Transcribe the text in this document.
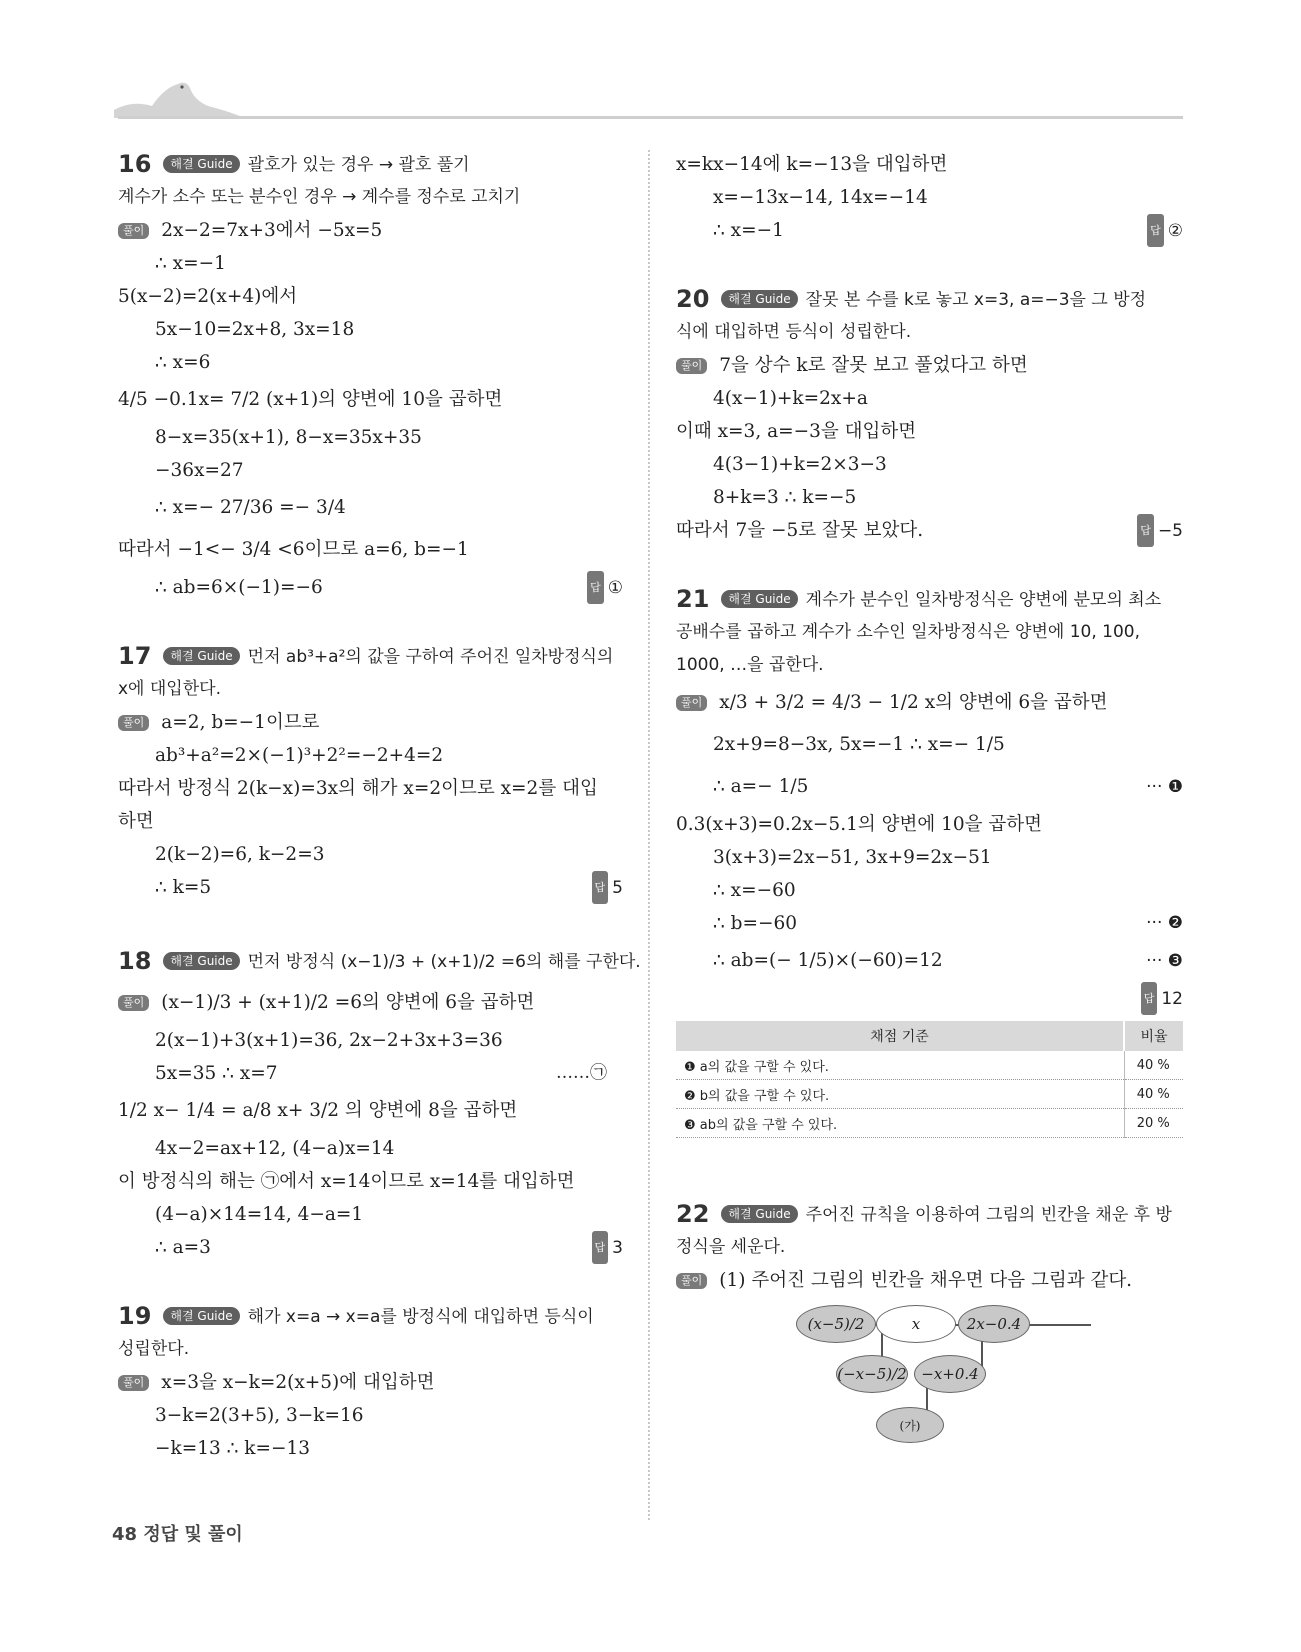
16 해결 Guide 괄호가 있는 경우 → 괄호 풀기
계수가 소수 또는 분수인 경우 → 계수를 정수로 고치기
풀이 2x−2=7x+3에서 −5x=5
∴ x=−1
5(x−2)=2(x+4)에서
5x−10=2x+8, 3x=18
∴ x=6
4/5 −0.1x= 7/2 (x+1)의 양변에 10을 곱하면
8−x=35(x+1), 8−x=35x+35
−36x=27
∴ x=− 27/36 =− 3/4
따라서 −1<− 3/4 <6이므로 a=6, b=−1
∴ ab=6×(−1)=−6	답 ①
17 해결 Guide 먼저 ab³+a²의 값을 구하여 주어진 일차방정식의
x에 대입한다.
풀이 a=2, b=−1이므로
ab³+a²=2×(−1)³+2²=−2+4=2
따라서 방정식 2(k−x)=3x의 해가 x=2이므로 x=2를 대입
하면
2(k−2)=6, k−2=3
∴ k=5	답 5
18 해결 Guide 먼저 방정식 (x−1)/3 + (x+1)/2 =6의 해를 구한다.
풀이 (x−1)/3 + (x+1)/2 =6의 양변에 6을 곱하면
2(x−1)+3(x+1)=36, 2x−2+3x+3=36
5x=35 ∴ x=7	……㉠
1/2 x− 1/4 = a/8 x+ 3/2 의 양변에 8을 곱하면
4x−2=ax+12, (4−a)x=14
이 방정식의 해는 ㉠에서 x=14이므로 x=14를 대입하면
(4−a)×14=14, 4−a=1
∴ a=3	답 3
19 해결 Guide 해가 x=a → x=a를 방정식에 대입하면 등식이
성립한다.
풀이 x=3을 x−k=2(x+5)에 대입하면
3−k=2(3+5), 3−k=16
−k=13 ∴ k=−13
x=kx−14에 k=−13을 대입하면
x=−13x−14, 14x=−14
∴ x=−1	답 ②
20 해결 Guide 잘못 본 수를 k로 놓고 x=3, a=−3을 그 방정
식에 대입하면 등식이 성립한다.
풀이 7을 상수 k로 잘못 보고 풀었다고 하면
4(x−1)+k=2x+a
이때 x=3, a=−3을 대입하면
4(3−1)+k=2×3−3
8+k=3 ∴ k=−5
따라서 7을 −5로 잘못 보았다.	답 −5
21 해결 Guide 계수가 분수인 일차방정식은 양변에 분모의 최소
공배수를 곱하고 계수가 소수인 일차방정식은 양변에 10, 100,
1000, …을 곱한다.
풀이 x/3 + 3/2 = 4/3 − 1/2 x의 양변에 6을 곱하면
2x+9=8−3x, 5x=−1 ∴ x=− 1/5
∴ a=− 1/5	··· ❶
0.3(x+3)=0.2x−5.1의 양변에 10을 곱하면
3(x+3)=2x−51, 3x+9=2x−51
∴ x=−60
∴ b=−60	··· ❷
∴ ab=(− 1/5)×(−60)=12	··· ❸
답 12
채점 기준	비율
❶ a의 값을 구할 수 있다.	40 %
❷ b의 값을 구할 수 있다.	40 %
❸ ab의 값을 구할 수 있다.	20 %
22 해결 Guide 주어진 규칙을 이용하여 그림의 빈칸을 채운 후 방
정식을 세운다.
풀이 (1) 주어진 그림의 빈칸을 채우면 다음 그림과 같다.
(x−5)/2	x	2x−0.4
(−x−5)/2 −x+0.4
(가)
48 정답 및 풀이
